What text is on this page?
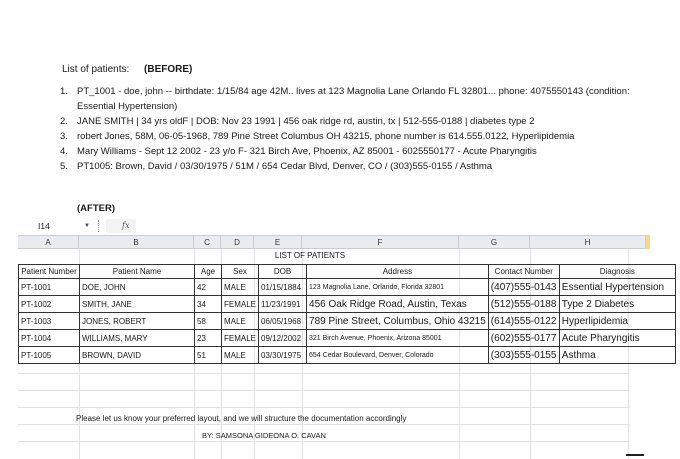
List of patients: (BEFORE)
1. PT_1001 - doe, john -- birthdate: 1/15/84 age 42M.. lives at 123 Magnolia Lane Orlando FL 32801... phone: 4075550143 (condition: Essential Hypertension)
2. JANE SMITH | 34 yrs oldF | DOB: Nov 23 1991 | 456 oak ridge rd, austin, tx | 512-555-0188 | diabetes type 2
3. robert Jones, 58M, 06-05-1968, 789 Pine Street Columbus OH 43215, phone number is 614.555.0122, Hyperlipidemia
4. Mary Williams - Sept 12 2002 - 23 y/o F- 321 Birch Ave, Phoenix, AZ 85001 - 6025550177 - Acute Pharyngitis
5. PT1005: Brown, David / 03/30/1975 / 51M / 654 Cedar Blvd, Denver, CO / (303)555-0155 / Asthma
(AFTER)
I14	▼	fx
A	B	C	D	E	F	G	H
LIST OF PATIENTS
Patient Number	Patient Name	Age	Sex	DOB	Address	Contact Number	Diagnosis
PT-1001	DOE, JOHN	42	MALE	01/15/1884	123 Magnolia Lane, Orlando, Florida 32801	(407)555-0143	Essential Hypertension
PT-1002	SMITH, JANE	34	FEMALE	11/23/1991	456 Oak Ridge Road, Austin, Texas	(512)555-0188	Type 2 Diabetes
PT-1003	JONES, ROBERT	58	MALE	06/05/1968	789 Pine Street, Columbus, Ohio 43215	(614)555-0122	Hyperlipidemia
PT-1004	WILLIAMS, MARY	23	FEMALE	09/12/2002	321 Birch Avenue, Phoenix, Arizona 85001	(602)555-0177	Acute Pharyngitis
PT-1005	BROWN, DAVID	51	MALE	03/30/1975	654 Cedar Boulevard, Denver, Colorado	(303)555-0155	Asthma
Please let us know your preferred layout, and we will structure the documentation accordingly
BY: SAMSONA GIDEONA O. CAVAN
